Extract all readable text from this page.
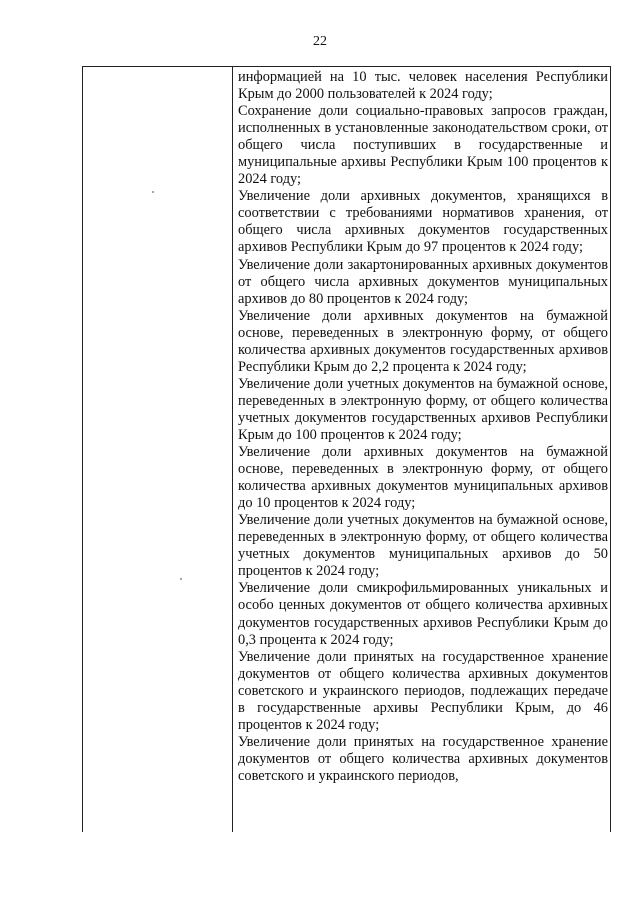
22

информацией на 10 тыс. человек населения Республики Крым до 2000 пользователей к 2024 году;

Сохранение доли социально-правовых запросов граждан, исполненных в установленные законодательством сроки, от общего числа поступивших в государственные и муниципальные архивы Республики Крым 100 процентов к 2024 году;

Увеличение доли архивных документов, хранящихся в соответствии с требованиями нормативов хранения, от общего числа архивных документов государственных архивов Республики Крым до 97 процентов к 2024 году;

Увеличение доли закартонированных архивных документов от общего числа архивных документов муниципальных архивов до 80 процентов к 2024 году;

Увеличение доли архивных документов на бумажной основе, переведенных в электронную форму, от общего количества архивных документов государственных архивов Республики Крым до 2,2 процента к 2024 году;

Увеличение доли учетных документов на бумажной основе, переведенных в электронную форму, от общего количества учетных документов государственных архивов Республики Крым до 100 процентов к 2024 году;

Увеличение доли архивных документов на бумажной основе, переведенных в электронную форму, от общего количества архивных документов муниципальных архивов до 10 процентов к 2024 году;

Увеличение доли учетных документов на бумажной основе, переведенных в электронную форму, от общего количества учетных документов муниципальных архивов до 50 процентов к 2024 году;

Увеличение доли смикрофильмированных уникальных и особо ценных документов от общего количества архивных документов государственных архивов Республики Крым до 0,3 процента к 2024 году;

Увеличение доли принятых на государственное хранение документов от общего количества архивных документов советского и украинского периодов, подлежащих передаче в государственные архивы Республики Крым, до 46 процентов к 2024 году;

Увеличение доли принятых на государственное хранение документов от общего количества архивных документов советского и украинского периодов,
